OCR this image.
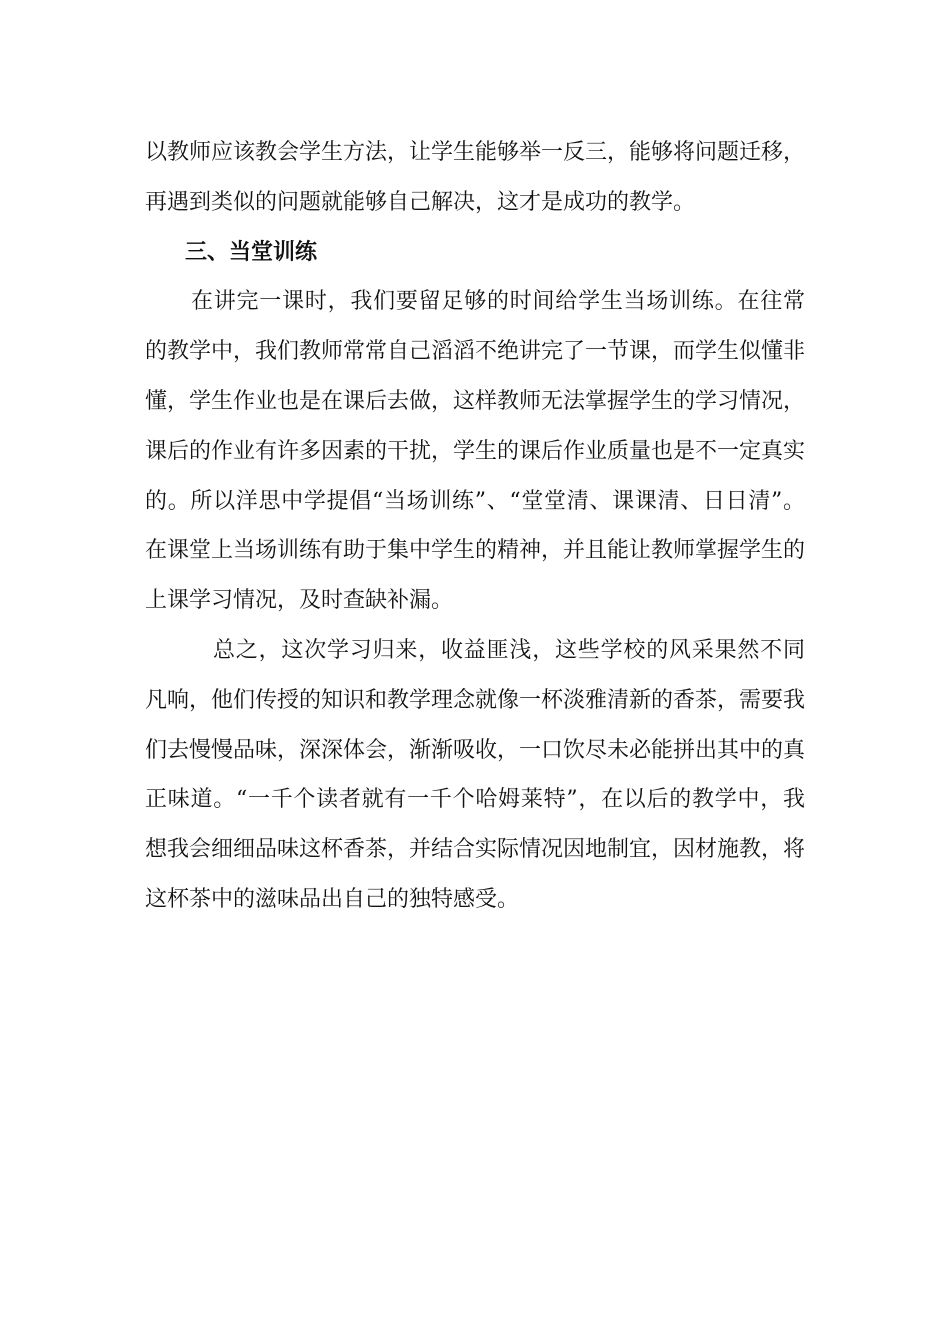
以教师应该教会学生方法，让学生能够举一反三，能够将问题迁移，再遇到类似的问题就能够自己解决，这才是成功的教学。

三、当堂训练

在讲完一课时，我们要留足够的时间给学生当场训练。在往常的教学中，我们教师常常自己滔滔不绝讲完了一节课，而学生似懂非懂，学生作业也是在课后去做，这样教师无法掌握学生的学习情况，课后的作业有许多因素的干扰，学生的课后作业质量也是不一定真实的。所以洋思中学提倡“当场训练”、“堂堂清、课课清、日日清”。在课堂上当场训练有助于集中学生的精神，并且能让教师掌握学生的上课学习情况，及时查缺补漏。

总之，这次学习归来，收益匪浅，这些学校的风采果然不同凡响，他们传授的知识和教学理念就像一杯淡雅清新的香茶，需要我们去慢慢品味，深深体会，渐渐吸收，一口饮尽未必能拼出其中的真正味道。“一千个读者就有一千个哈姆莱特”，在以后的教学中，我想我会细细品味这杯香茶，并结合实际情况因地制宜，因材施教，将这杯茶中的滋味品出自己的独特感受。
